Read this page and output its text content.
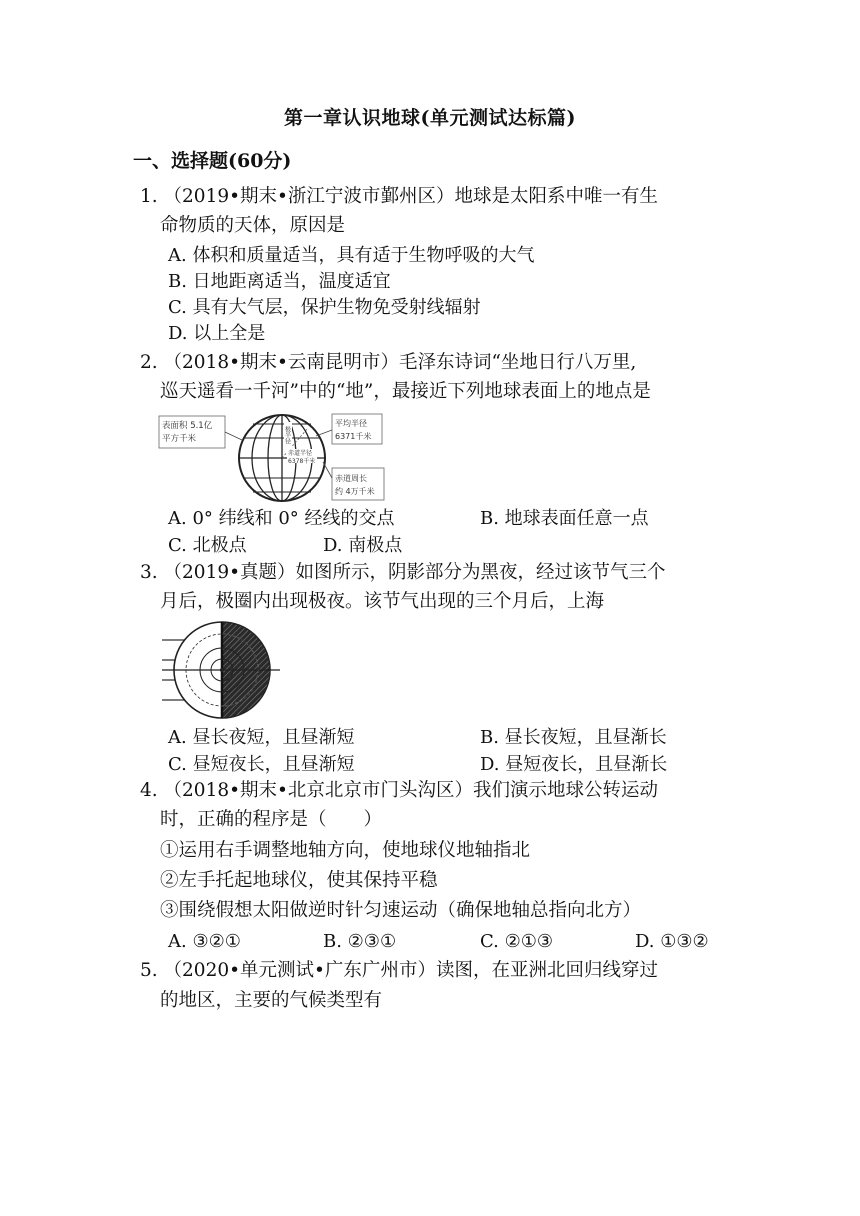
第一章认识地球(单元测试达标篇)
一、选择题(60分)
1. （2019•期末•浙江宁波市鄞州区）地球是太阳系中唯一有生
命物质的天体，原因是
A. 体积和质量适当，具有适于生物呼吸的大气
B. 日地距离适当，温度适宜
C. 具有大气层，保护生物免受射线辐射
D. 以上全是
2. （2018•期末•云南昆明市）毛泽东诗词“坐地日行八万里,
巡天遥看一千河”中的“地”，最接近下列地球表面上的地点是
表面积 5.1亿
平方千米	极半径
赤道半径
6378千米
平均半径
6371千米
赤道周长
约 4万千米
A. 0° 纬线和 0° 经线的交点	B. 地球表面任意一点
C. 北极点	D. 南极点
3. （2019•真题）如图所示，阴影部分为黑夜，经过该节气三个
月后，极圈内出现极夜。该节气出现的三个月后，上海
A. 昼长夜短，且昼渐短	B. 昼长夜短，且昼渐长
C. 昼短夜长，且昼渐短	D. 昼短夜长，且昼渐长
4. （2018•期末•北京北京市门头沟区）我们演示地球公转运动
时，正确的程序是（　　）
①运用右手调整地轴方向，使地球仪地轴指北
②左手托起地球仪，使其保持平稳
③围绕假想太阳做逆时针匀速运动（确保地轴总指向北方）
A. ③②①	B. ②③①	C. ②①③	D. ①③②
5. （2020•单元测试•广东广州市）读图，在亚洲北回归线穿过
的地区，主要的气候类型有
